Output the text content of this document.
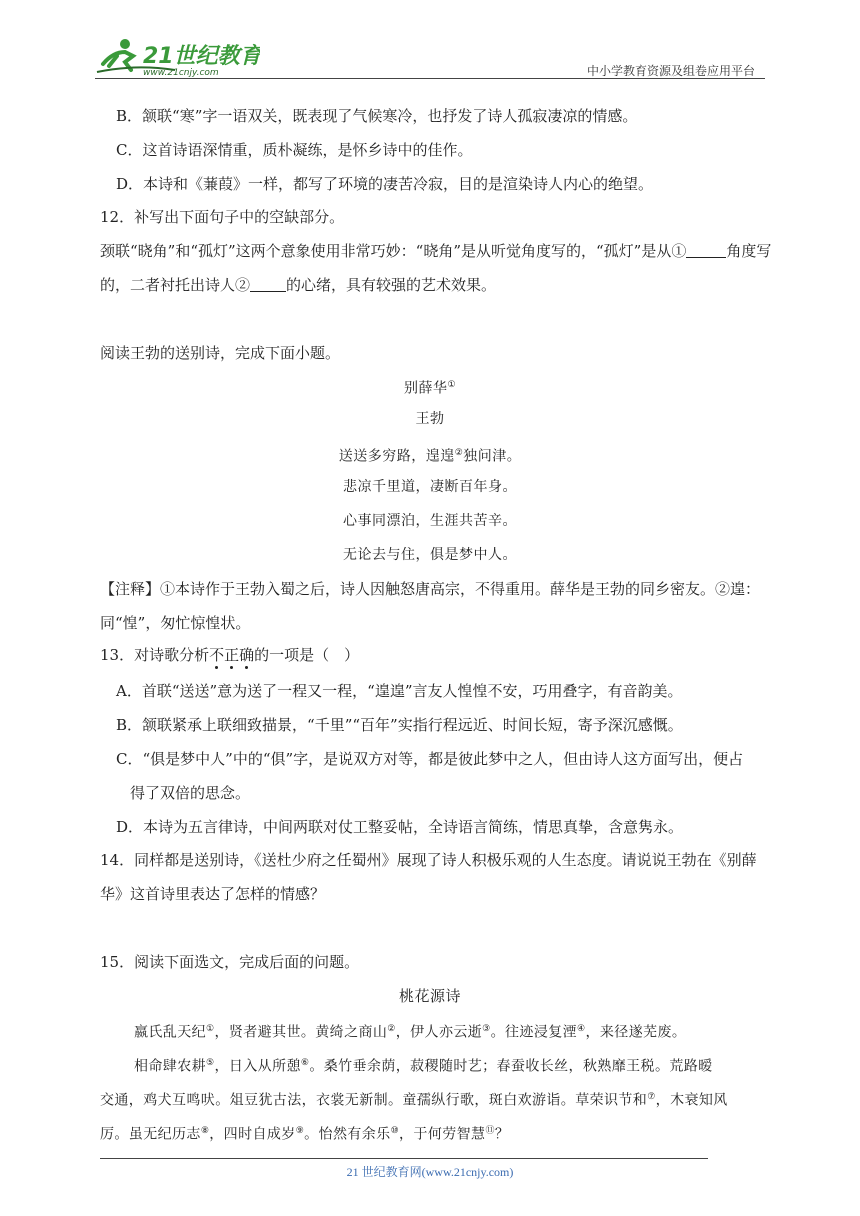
21世纪教育
www.21cnjy.com	中小学教育资源及组卷应用平台
B．颔联“寒”字一语双关，既表现了气候寒冷，也抒发了诗人孤寂凄凉的情感。
C．这首诗语深情重，质朴凝练，是怀乡诗中的佳作。
D．本诗和《蒹葭》一样，都写了环境的凄苦冷寂，目的是渲染诗人内心的绝望。
12．补写出下面句子中的空缺部分。
颈联“晓角”和“孤灯”这两个意象使用非常巧妙：“晓角”是从听觉角度写的，“孤灯”是从①	角度写
的，二者衬托出诗人② 的心绪，具有较强的艺术效果。
阅读王勃的送别诗，完成下面小题。
别薛华①
王勃
送送多穷路，遑遑②独问津。
悲凉千里道，凄断百年身。
心事同漂泊，生涯共苦辛。
无论去与住，俱是梦中人。
【注释】①本诗作于王勃入蜀之后，诗人因触怒唐高宗，不得重用。薛华是王勃的同乡密友。②遑：
同“惶”，匆忙惊惶状。
13．对诗歌分析不正确的一项是（　）
A．首联“送送”意为送了一程又一程，“遑遑”言友人惶惶不安，巧用叠字，有音韵美。
B．颔联紧承上联细致描景，“千里”“百年”实指行程远近、时间长短，寄予深沉感慨。
C．“俱是梦中人”中的“俱”字，是说双方对等，都是彼此梦中之人，但由诗人这方面写出，便占
得了双倍的思念。
D．本诗为五言律诗，中间两联对仗工整妥帖，全诗语言简练，情思真挚，含意隽永。
14．同样都是送别诗，《送杜少府之任蜀州》展现了诗人积极乐观的人生态度。请说说王勃在《别薛
华》这首诗里表达了怎样的情感？
15．阅读下面选文，完成后面的问题。
桃花源诗
嬴氏乱天纪①，贤者避其世。黄绮之商山②，伊人亦云逝③。往迹浸复湮④，来径遂芜废。
相命肆农耕⑤，日入从所憩⑥。桑竹垂余荫，菽稷随时艺；春蚕收长丝，秋熟靡王税。荒路暧
交通，鸡犬互鸣吠。俎豆犹古法，衣裳无新制。童孺纵行歌，斑白欢游诣。草荣识节和⑦，木衰知风
厉。虽无纪历志⑧，四时自成岁⑨。怡然有余乐⑩，于何劳智慧⑪？
21 世纪教育网(www.21cnjy.com)
